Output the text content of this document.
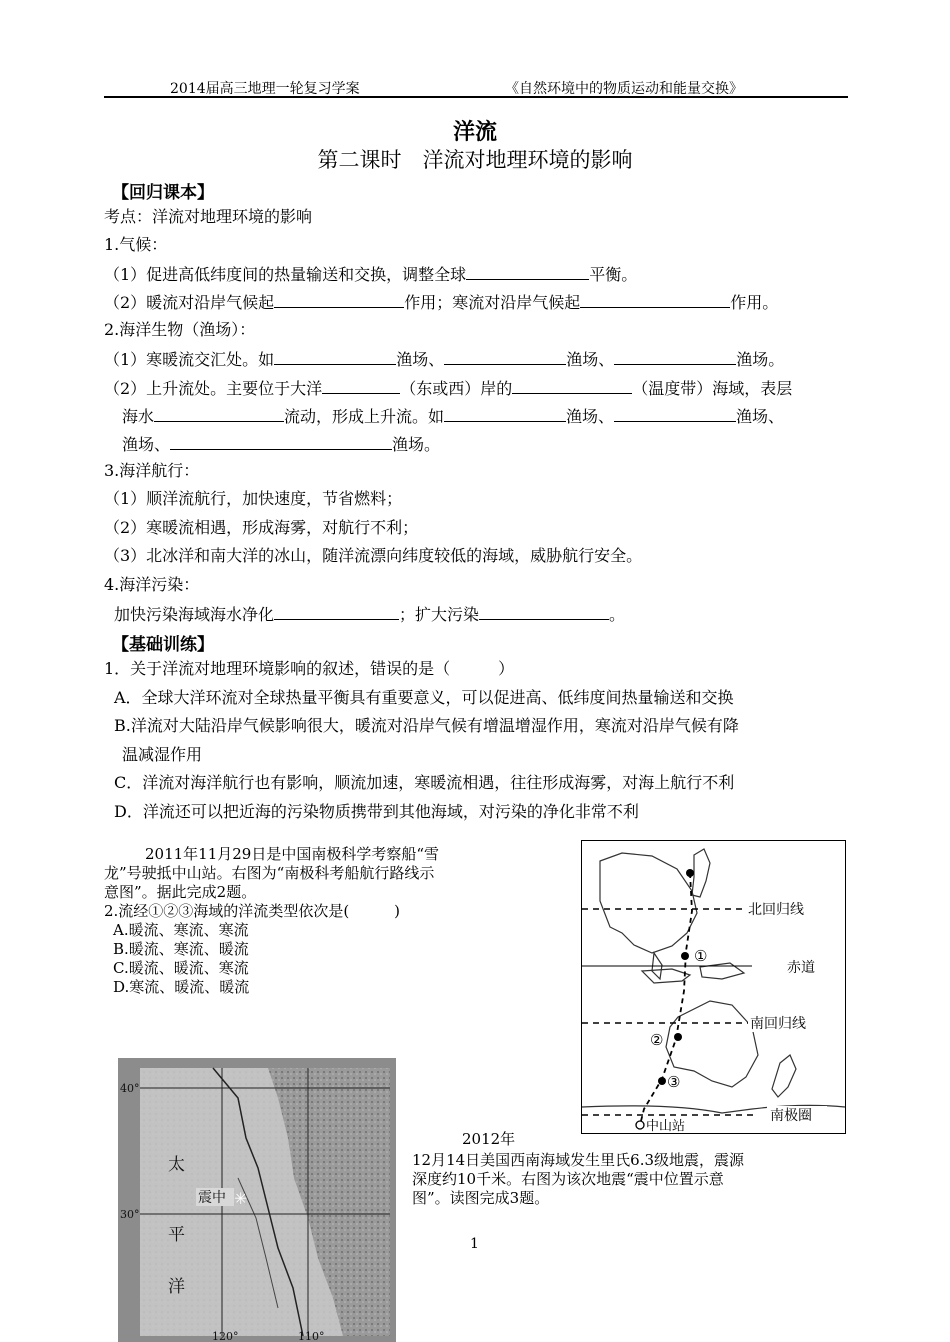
2014届高三地理一轮复习学案	《自然环境中的物质运动和能量交换》
洋流
第二课时　洋流对地理环境的影响
【回归课本】
考点：洋流对地理环境的影响
1.气候：
（1）促进高低纬度间的热量输送和交换，调整全球	平衡。
（2）暖流对沿岸气候起	作用；寒流对沿岸气候起	作用。
2.海洋生物（渔场）：
（1）寒暖流交汇处。如	渔场、	渔场、	渔场。
（2）上升流处。主要位于大洋	（东或西）岸的	（温度带）海域，表层
海水	流动，形成上升流。如	渔场、	渔场、
渔场、	渔场。
3.海洋航行：
（1）顺洋流航行，加快速度，节省燃料；
（2）寒暖流相遇，形成海雾，对航行不利；
（3）北冰洋和南大洋的冰山，随洋流漂向纬度较低的海域，威胁航行安全。
4.海洋污染：
加快污染海域海水净化	；扩大污染	。
【基础训练】
1．关于洋流对地理环境影响的叙述，错误的是（　　　）
A．全球大洋环流对全球热量平衡具有重要意义，可以促进高、低纬度间热量输送和交换
B.洋流对大陆沿岸气候影响很大，暖流对沿岸气候有增温增湿作用，寒流对沿岸气候有降
温减湿作用
C．洋流对海洋航行也有影响，顺流加速，寒暖流相遇，往往形成海雾，对海上航行不利
D．洋流还可以把近海的污染物质携带到其他海域，对污染的净化非常不利
2011年11月29日是中国南极科学考察船“雪
龙”号驶抵中山站。右图为“南极科考船航行路线示
意图”。据此完成2题。
2.流经①②③海域的洋流类型依次是(　　　)
A.暖流、寒流、寒流
B.暖流、寒流、暖流
C.暖流、暖流、寒流
D.寒流、暖流、暖流
①
②
③
北回归线
赤道
南回归线
南极圈
中山站
震中 ✳
太
平
洋
40°
30°
120°	110°
2012年
12月14日美国西南海域发生里氏6.3级地震，震源
深度约10千米。右图为该次地震“震中位置示意
图”。读图完成3题。
1
